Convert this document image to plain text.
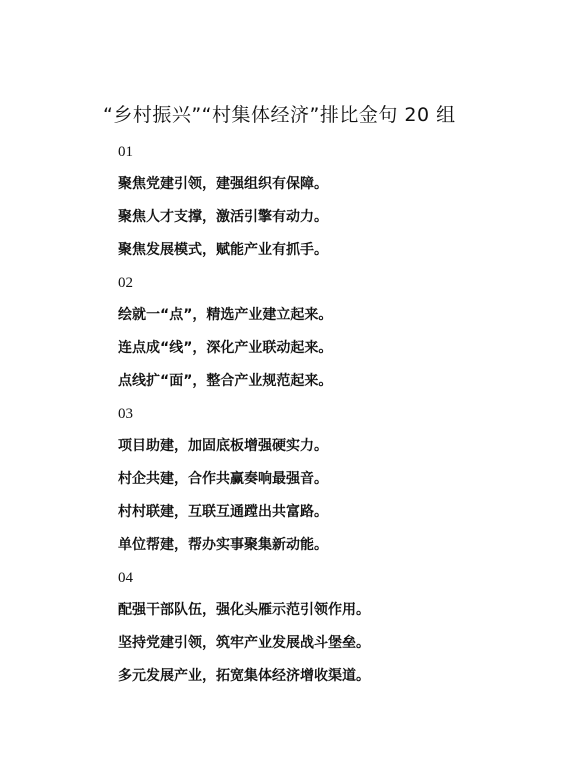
“乡村振兴”“村集体经济”排比金句 20 组
01
聚焦党建引领，建强组织有保障。
聚焦人才支撑，激活引擎有动力。
聚焦发展模式，赋能产业有抓手。
02
绘就一“点”，精选产业建立起来。
连点成“线”，深化产业联动起来。
点线扩“面”，整合产业规范起来。
03
项目助建，加固底板增强硬实力。
村企共建，合作共赢奏响最强音。
村村联建，互联互通蹚出共富路。
单位帮建，帮办实事聚集新动能。
04
配强干部队伍，强化头雁示范引领作用。
坚持党建引领，筑牢产业发展战斗堡垒。
多元发展产业，拓宽集体经济增收渠道。
